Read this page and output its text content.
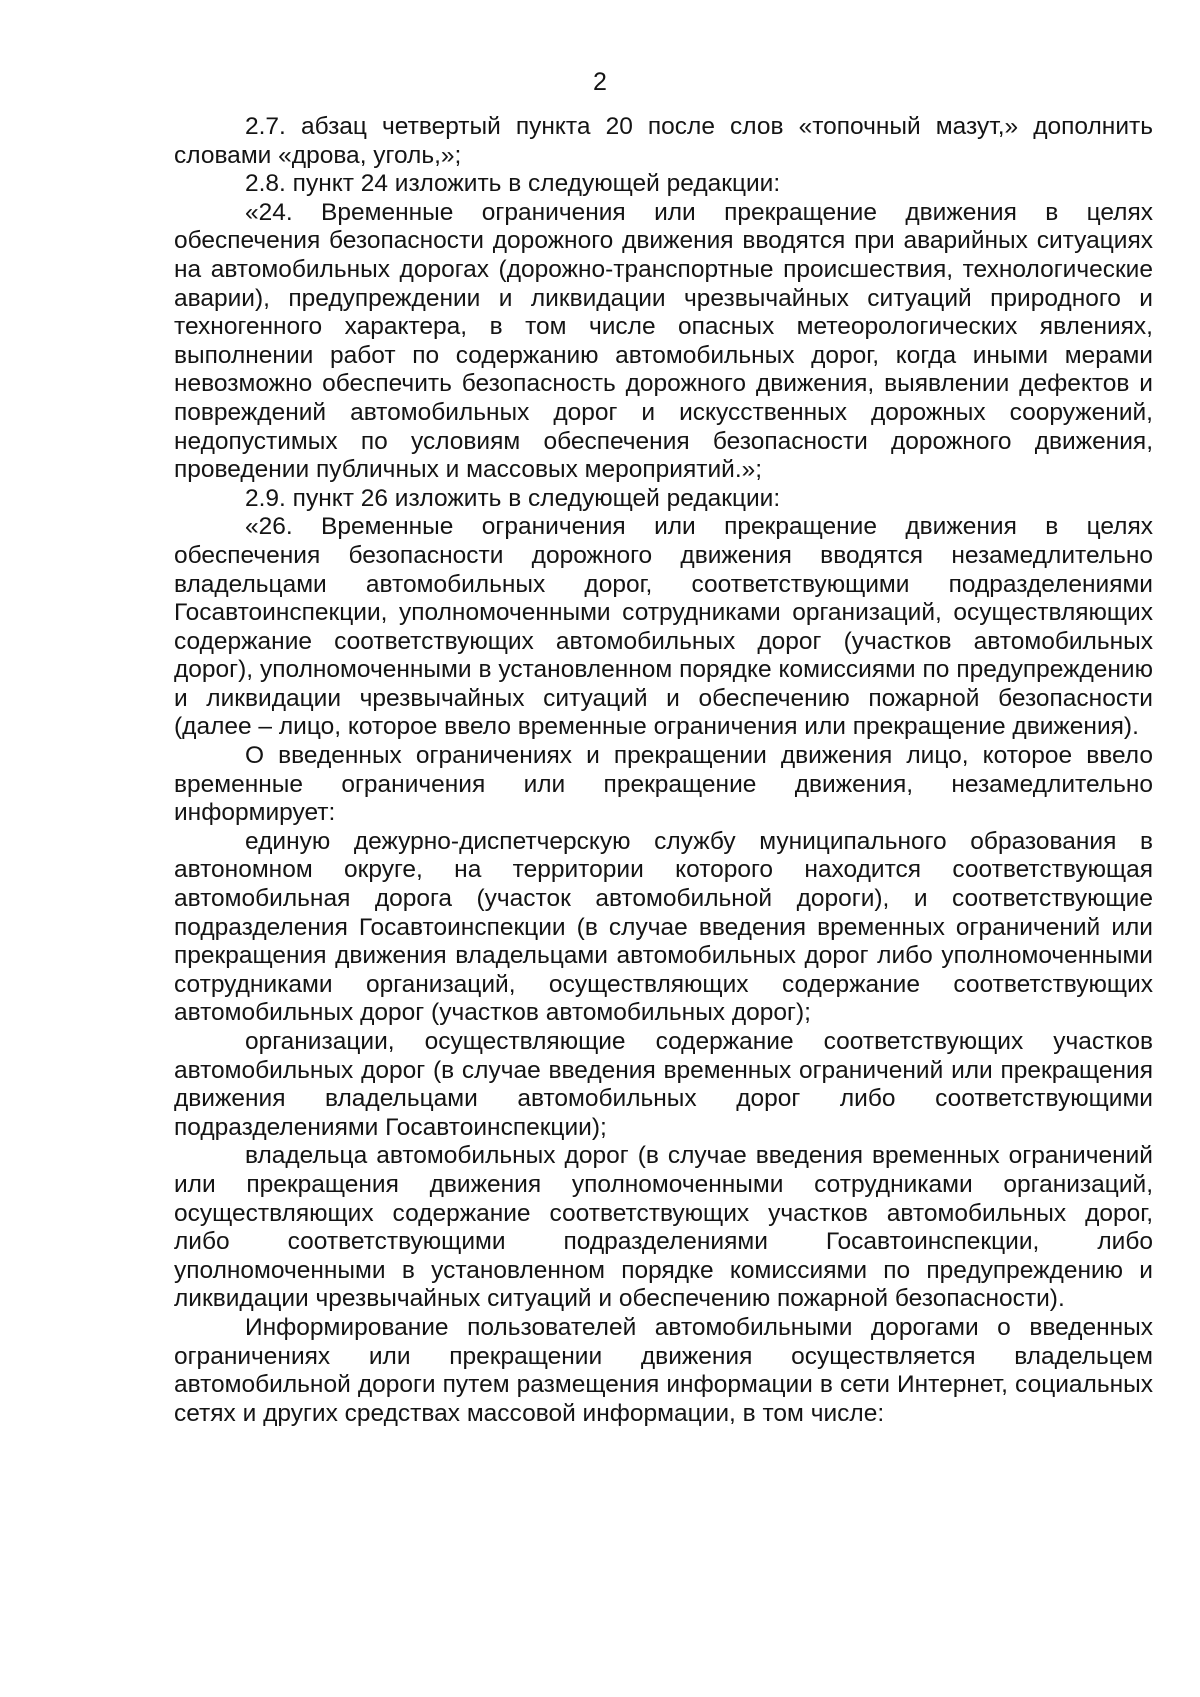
2

2.7. абзац четвертый пункта 20 после слов «топочный мазут,» дополнить словами «дрова, уголь,»;

2.8. пункт 24 изложить в следующей редакции:

«24. Временные ограничения или прекращение движения в целях обеспечения безопасности дорожного движения вводятся при аварийных ситуациях на автомобильных дорогах (дорожно-транспортные происшествия, технологические аварии), предупреждении и ликвидации чрезвычайных ситуаций природного и техногенного характера, в том числе опасных метеорологических явлениях, выполнении работ по содержанию автомобильных дорог, когда иными мерами невозможно обеспечить безопасность дорожного движения, выявлении дефектов и повреждений автомобильных дорог и искусственных дорожных сооружений, недопустимых по условиям обеспечения безопасности дорожного движения, проведении публичных и массовых мероприятий.»;

2.9. пункт 26 изложить в следующей редакции:

«26. Временные ограничения или прекращение движения в целях обеспечения безопасности дорожного движения вводятся незамедлительно владельцами автомобильных дорог, соответствующими подразделениями Госавтоинспекции, уполномоченными сотрудниками организаций, осуществляющих содержание соответствующих автомобильных дорог (участков автомобильных дорог), уполномоченными в установленном порядке комиссиями по предупреждению и ликвидации чрезвычайных ситуаций и обеспечению пожарной безопасности (далее – лицо, которое ввело временные ограничения или прекращение движения).

О введенных ограничениях и прекращении движения лицо, которое ввело временные ограничения или прекращение движения, незамедлительно информирует:

единую дежурно-диспетчерскую службу муниципального образования в автономном округе, на территории которого находится соответствующая автомобильная дорога (участок автомобильной дороги), и соответствующие подразделения Госавтоинспекции (в случае введения временных ограничений или прекращения движения владельцами автомобильных дорог либо уполномоченными сотрудниками организаций, осуществляющих содержание соответствующих автомобильных дорог (участков автомобильных дорог);

организации, осуществляющие содержание соответствующих участков автомобильных дорог (в случае введения временных ограничений или прекращения движения владельцами автомобильных дорог либо соответствующими подразделениями Госавтоинспекции);

владельца автомобильных дорог (в случае введения временных ограничений или прекращения движения уполномоченными сотрудниками организаций, осуществляющих содержание соответствующих участков автомобильных дорог, либо соответствующими подразделениями Госавтоинспекции, либо уполномоченными в установленном порядке комиссиями по предупреждению и ликвидации чрезвычайных ситуаций и обеспечению пожарной безопасности).

Информирование пользователей автомобильными дорогами о введенных ограничениях или прекращении движения осуществляется владельцем автомобильной дороги путем размещения информации в сети Интернет, социальных сетях и других средствах массовой информации, в том числе:
